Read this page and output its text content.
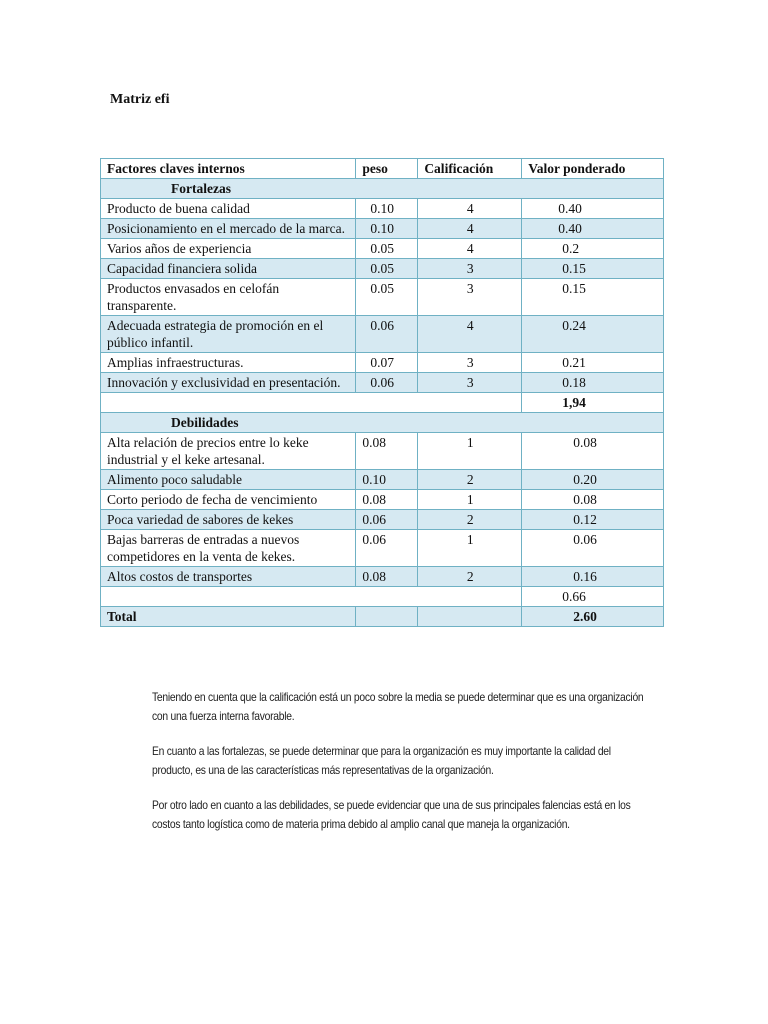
Matriz efi
Factores claves internos	peso	Calificación	Valor ponderado
Fortalezas			
Producto de buena calidad	0.10	4	0.40
Posicionamiento en el mercado de la marca.	0.10	4	0.40
Varios años de experiencia	0.05	4	0.2
Capacidad financiera solida	0.05	3	0.15
Productos envasados en celofán transparente.	0.05	3	0.15
Adecuada estrategia de promoción en el público infantil.	0.06	4	0.24
Amplias infraestructuras.	0.07	3	0.21
Innovación y exclusividad en presentación.	0.06	3	0.18
			1,94
Debilidades			
Alta relación de precios entre lo keke industrial y el keke artesanal.	0.08	1	0.08
Alimento poco saludable	0.10	2	0.20
Corto periodo de fecha de vencimiento	0.08	1	0.08
Poca variedad de sabores de kekes	0.06	2	0.12
Bajas barreras de entradas a nuevos competidores en la venta de kekes.	0.06	1	0.06
Altos costos de transportes	0.08	2	0.16
			0.66
Total			2.60

Teniendo en cuenta que la calificación está un poco sobre la media se puede determinar que es una organización con una fuerza interna favorable.

En cuanto a las fortalezas, se puede determinar que para la organización es muy importante la calidad del producto, es una de las características más representativas de la organización.

Por otro lado en cuanto a las debilidades, se puede evidenciar que una de sus principales falencias está en los costos tanto logística como de materia prima debido al amplio canal que maneja la organización.
